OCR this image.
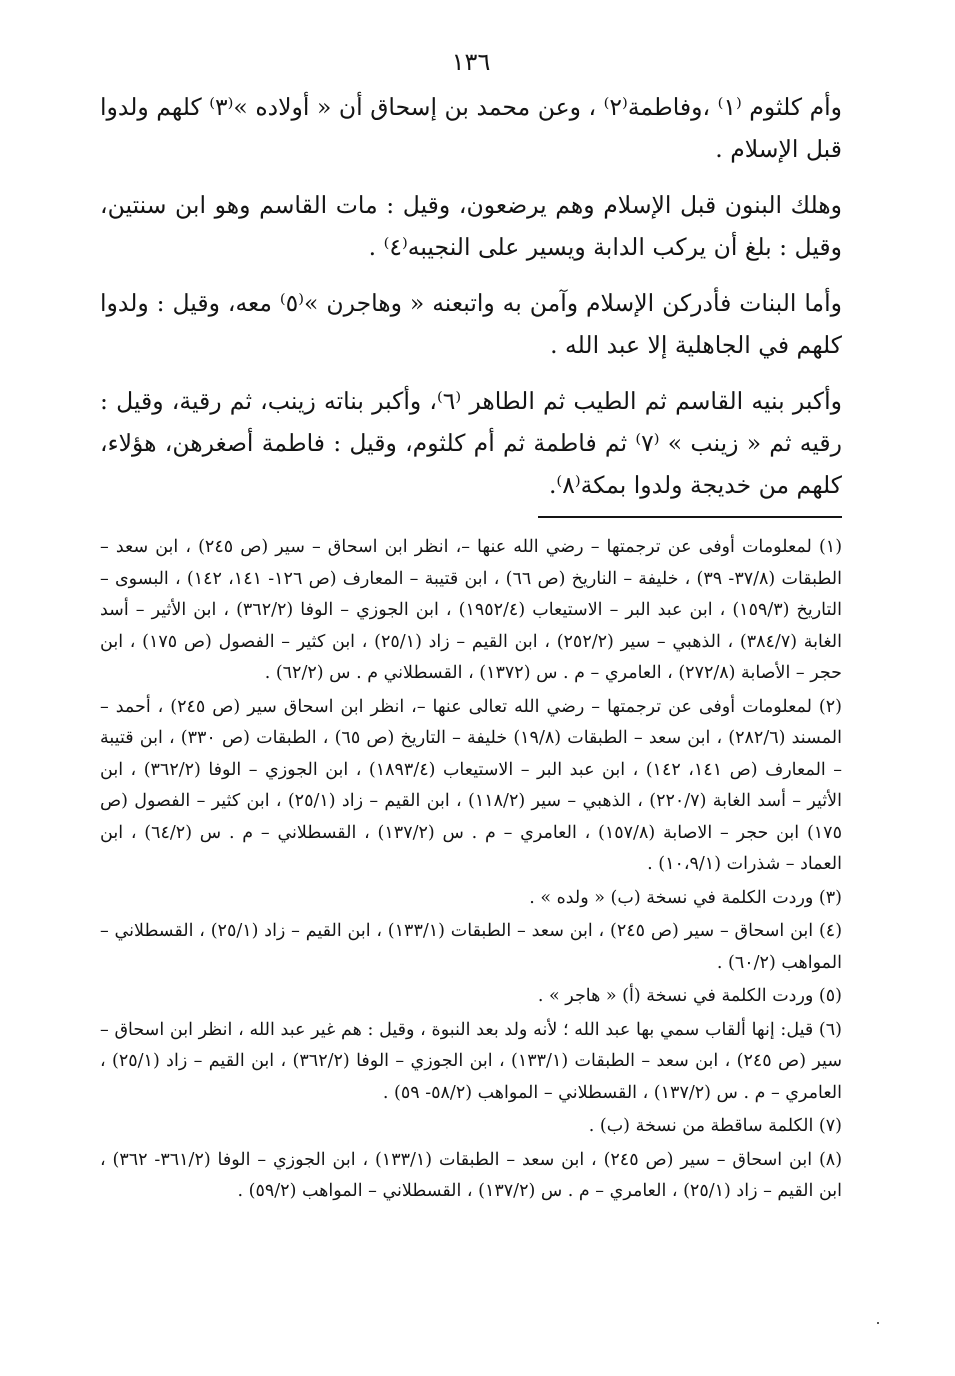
١٣٦

وأم كلثوم ⁽١⁾ ،وفاطمة⁽٢⁾ ، وعن محمد بن إسحاق أن « أولاده »⁽٣⁾ كلهم ولدوا قبل الإسلام .

وهلك البنون قبل الإسلام وهم يرضعون، وقيل : مات القاسم وهو ابن سنتين، وقيل : بلغ أن يركب الدابة ويسير على النجيبه⁽٤⁾ .

وأما البنات فأدركن الإسلام وآمن به واتبعنه « وهاجرن »⁽٥⁾ معه، وقيل : ولدوا كلهم في الجاهلية إلا عبد الله .

وأكبر بنيه القاسم ثم الطيب ثم الطاهر ⁽٦⁾، وأكبر بناته زينب، ثم رقية، وقيل : رقيه ثم « زينب » ⁽٧⁾ ثم فاطمة ثم أم كلثوم، وقيل : فاطمة أصغرهن، هؤلاء، كلهم من خديجة ولدوا بمكة⁽٨⁾.

(١) لمعلومات أوفى عن ترجمتها – رضي الله عنها –، انظر ابن اسحاق – سير (ص ٢٤٥) ، ابن سعد – الطبقات (٣٧/٨- ٣٩) ، خليفة – الناريخ (ص ٦٦) ، ابن قتيبة – المعارف (ص ١٢٦- ١٤١، ١٤٢) ، البسوى – التاريخ (١٥٩/٣) ، ابن عبد البر – الاستيعاب (١٩٥٢/٤) ، ابن الجوزي – الوفا (٣٦٢/٢) ، ابن الأثير – أسد الغابة (٣٨٤/٧) ، الذهبي – سير (٢٥٢/٢) ، ابن القيم – زاد (٢٥/١) ، ابن كثير – الفصول (ص ١٧٥) ، ابن حجر – الأصابة (٢٧٢/٨) ، العامري – م . س (١٣٧٢) ، القسطلاني م . س (٦٢/٢) .

(٢) لمعلومات أوفى عن ترجمتها – رضي الله تعالى عنها –، انظر ابن اسحاق سير (ص ٢٤٥) ، أحمد – المسند (٢٨٢/٦) ، ابن سعد – الطبقات (١٩/٨) خليفة – التاريخ (ص ٦٥) ، الطبقات (ص ٣٣٠) ، ابن قتيبة – المعارف (ص ١٤١، ١٤٢) ، ابن عبد البر – الاستيعاب (١٨٩٣/٤) ، ابن الجوزي – الوفا (٣٦٢/٢) ، ابن الأثير – أسد الغابة (٢٢٠/٧) ، الذهبي – سير (١١٨/٢) ، ابن القيم – زاد (٢٥/١) ، ابن كثير – الفصول (ص ١٧٥) ابن حجر – الاصابة (١٥٧/٨) ، العامري – م . س (١٣٧/٢) ، القسطلاني – م . س (٦٤/٢) ، ابن العماد – شذرات (١٠،٩/١) .

(٣) وردت الكلمة في نسخة (ب) « ولده » .

(٤) ابن اسحاق – سير (ص ٢٤٥) ، ابن سعد – الطبقات (١٣٣/١) ، ابن القيم – زاد (٢٥/١) ، القسطلاني – المواهب (٦٠/٢) .

(٥) وردت الكلمة في نسخة (أ) « هاجر » .

(٦) قيل: إنها ألقاب سمي بها عبد الله ؛ لأنه ولد بعد النبوة ، وقيل : هم غير عبد الله ، انظر ابن اسحاق – سير (ص ٢٤٥) ، ابن سعد – الطبقات (١٣٣/١) ، ابن الجوزي – الوفا (٣٦٢/٢) ، ابن القيم – زاد (٢٥/١) ، العامري – م . س (١٣٧/٢) ، القسطلاني – المواهب (٥٨/٢- ٥٩) .

(٧) الكلمة ساقطة من نسخة (ب) .

(٨) ابن اسحاق – سير (ص ٢٤٥) ، ابن سعد – الطبقات (١٣٣/١) ، ابن الجوزي – الوفا (٣٦١/٢- ٣٦٢) ، ابن القيم – زاد (٢٥/١) ، العامري – م . س (١٣٧/٢) ، القسطلاني – المواهب (٥٩/٢) .
